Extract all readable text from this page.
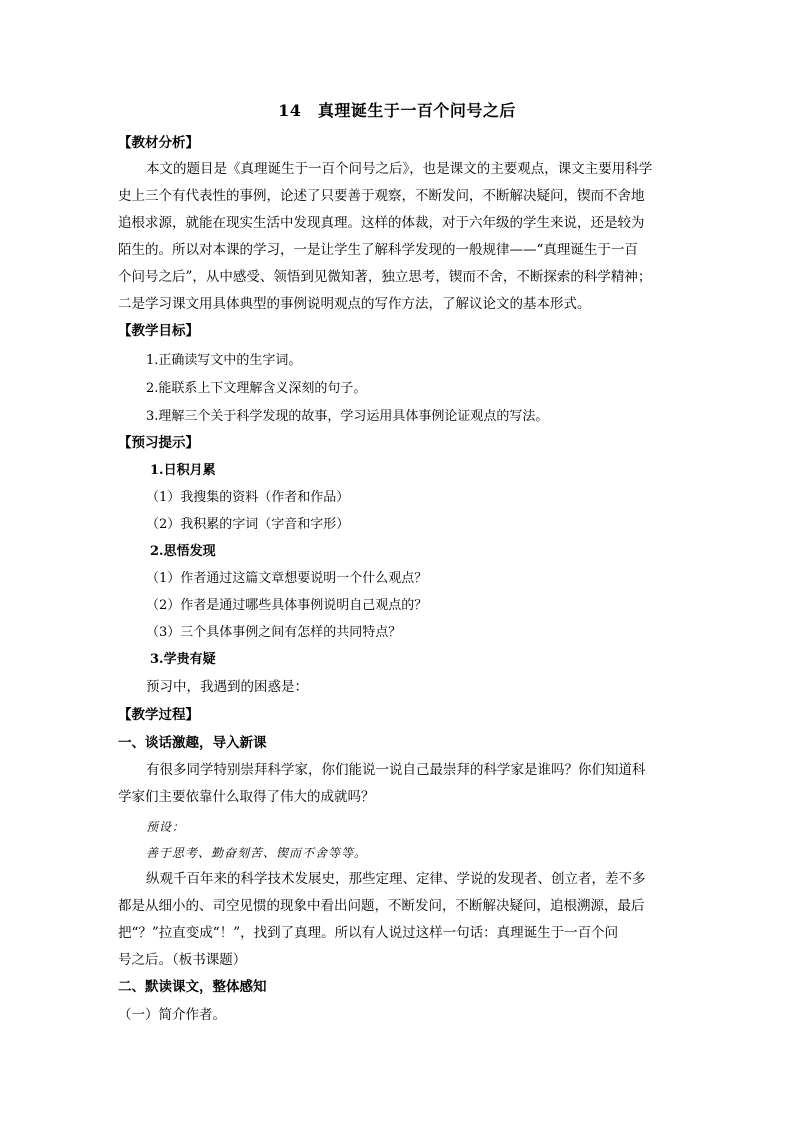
14　真理诞生于一百个问号之后
【教材分析】
本文的题目是《真理诞生于一百个问号之后》，也是课文的主要观点，课文主要用科学
史上三个有代表性的事例，论述了只要善于观察，不断发问，不断解决疑问，锲而不舍地
追根求源，就能在现实生活中发现真理。这样的体裁，对于六年级的学生来说，还是较为
陌生的。所以对本课的学习，一是让学生了解科学发现的一般规律——“真理诞生于一百
个问号之后”，从中感受、领悟到见微知著，独立思考，锲而不舍，不断探索的科学精神；
二是学习课文用具体典型的事例说明观点的写作方法，了解议论文的基本形式。
【教学目标】
1.正确读写文中的生字词。
2.能联系上下文理解含义深刻的句子。
3.理解三个关于科学发现的故事，学习运用具体事例论证观点的写法。
【预习提示】
1.日积月累
（1）我搜集的资料（作者和作品）
（2）我积累的字词（字音和字形）
2.思悟发现
（1）作者通过这篇文章想要说明一个什么观点？
（2）作者是通过哪些具体事例说明自己观点的？
（3）三个具体事例之间有怎样的共同特点？
3.学贵有疑
预习中，我遇到的困惑是：
【教学过程】
一、谈话激趣，导入新课
有很多同学特别崇拜科学家，你们能说一说自己最崇拜的科学家是谁吗？你们知道科
学家们主要依靠什么取得了伟大的成就吗？
预设：
善于思考、勤奋刻苦、锲而不舍等等。
纵观千百年来的科学技术发展史，那些定理、定律、学说的发现者、创立者，差不多
都是从细小的、司空见惯的现象中看出问题，不断发问，不断解决疑问，追根溯源，最后
把“？”拉直变成“！”，找到了真理。所以有人说过这样一句话：真理诞生于一百个问
号之后。（板书课题）
二、默读课文，整体感知
（一）简介作者。
